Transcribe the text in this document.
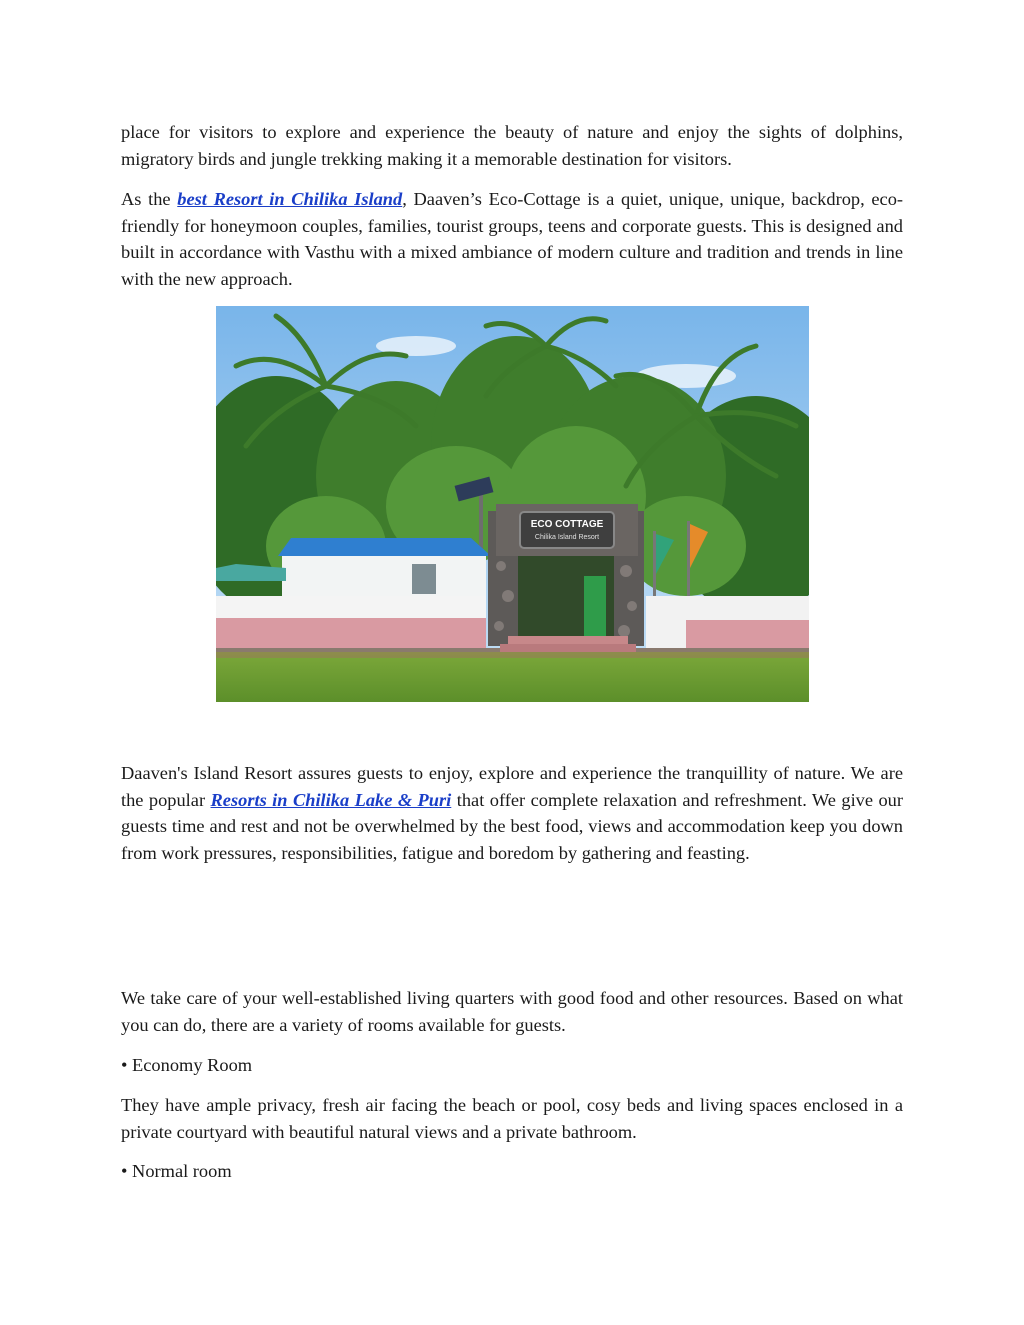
place for visitors to explore and experience the beauty of nature and enjoy the sights of dolphins, migratory birds and jungle trekking making it a memorable destination for visitors.

As the best Resort in Chilika Island, Daaven’s Eco-Cottage is a quiet, unique, unique, backdrop, eco-friendly for honeymoon couples, families, tourist groups, teens and corporate guests. This is designed and built in accordance with Vasthu with a mixed ambiance of modern culture and tradition and trends in line with the new approach.

ECO COTTAGE
Chilika Island Resort

Daaven's Island Resort assures guests to enjoy, explore and experience the tranquillity of nature. We are the popular Resorts in Chilika Lake & Puri that offer complete relaxation and refreshment. We give our guests time and rest and not be overwhelmed by the best food, views and accommodation keep you down from work pressures, responsibilities, fatigue and boredom by gathering and feasting.

We take care of your well-established living quarters with good food and other resources. Based on what you can do, there are a variety of rooms available for guests.

• Economy Room

They have ample privacy, fresh air facing the beach or pool, cosy beds and living spaces enclosed in a private courtyard with beautiful natural views and a private bathroom.

• Normal room
